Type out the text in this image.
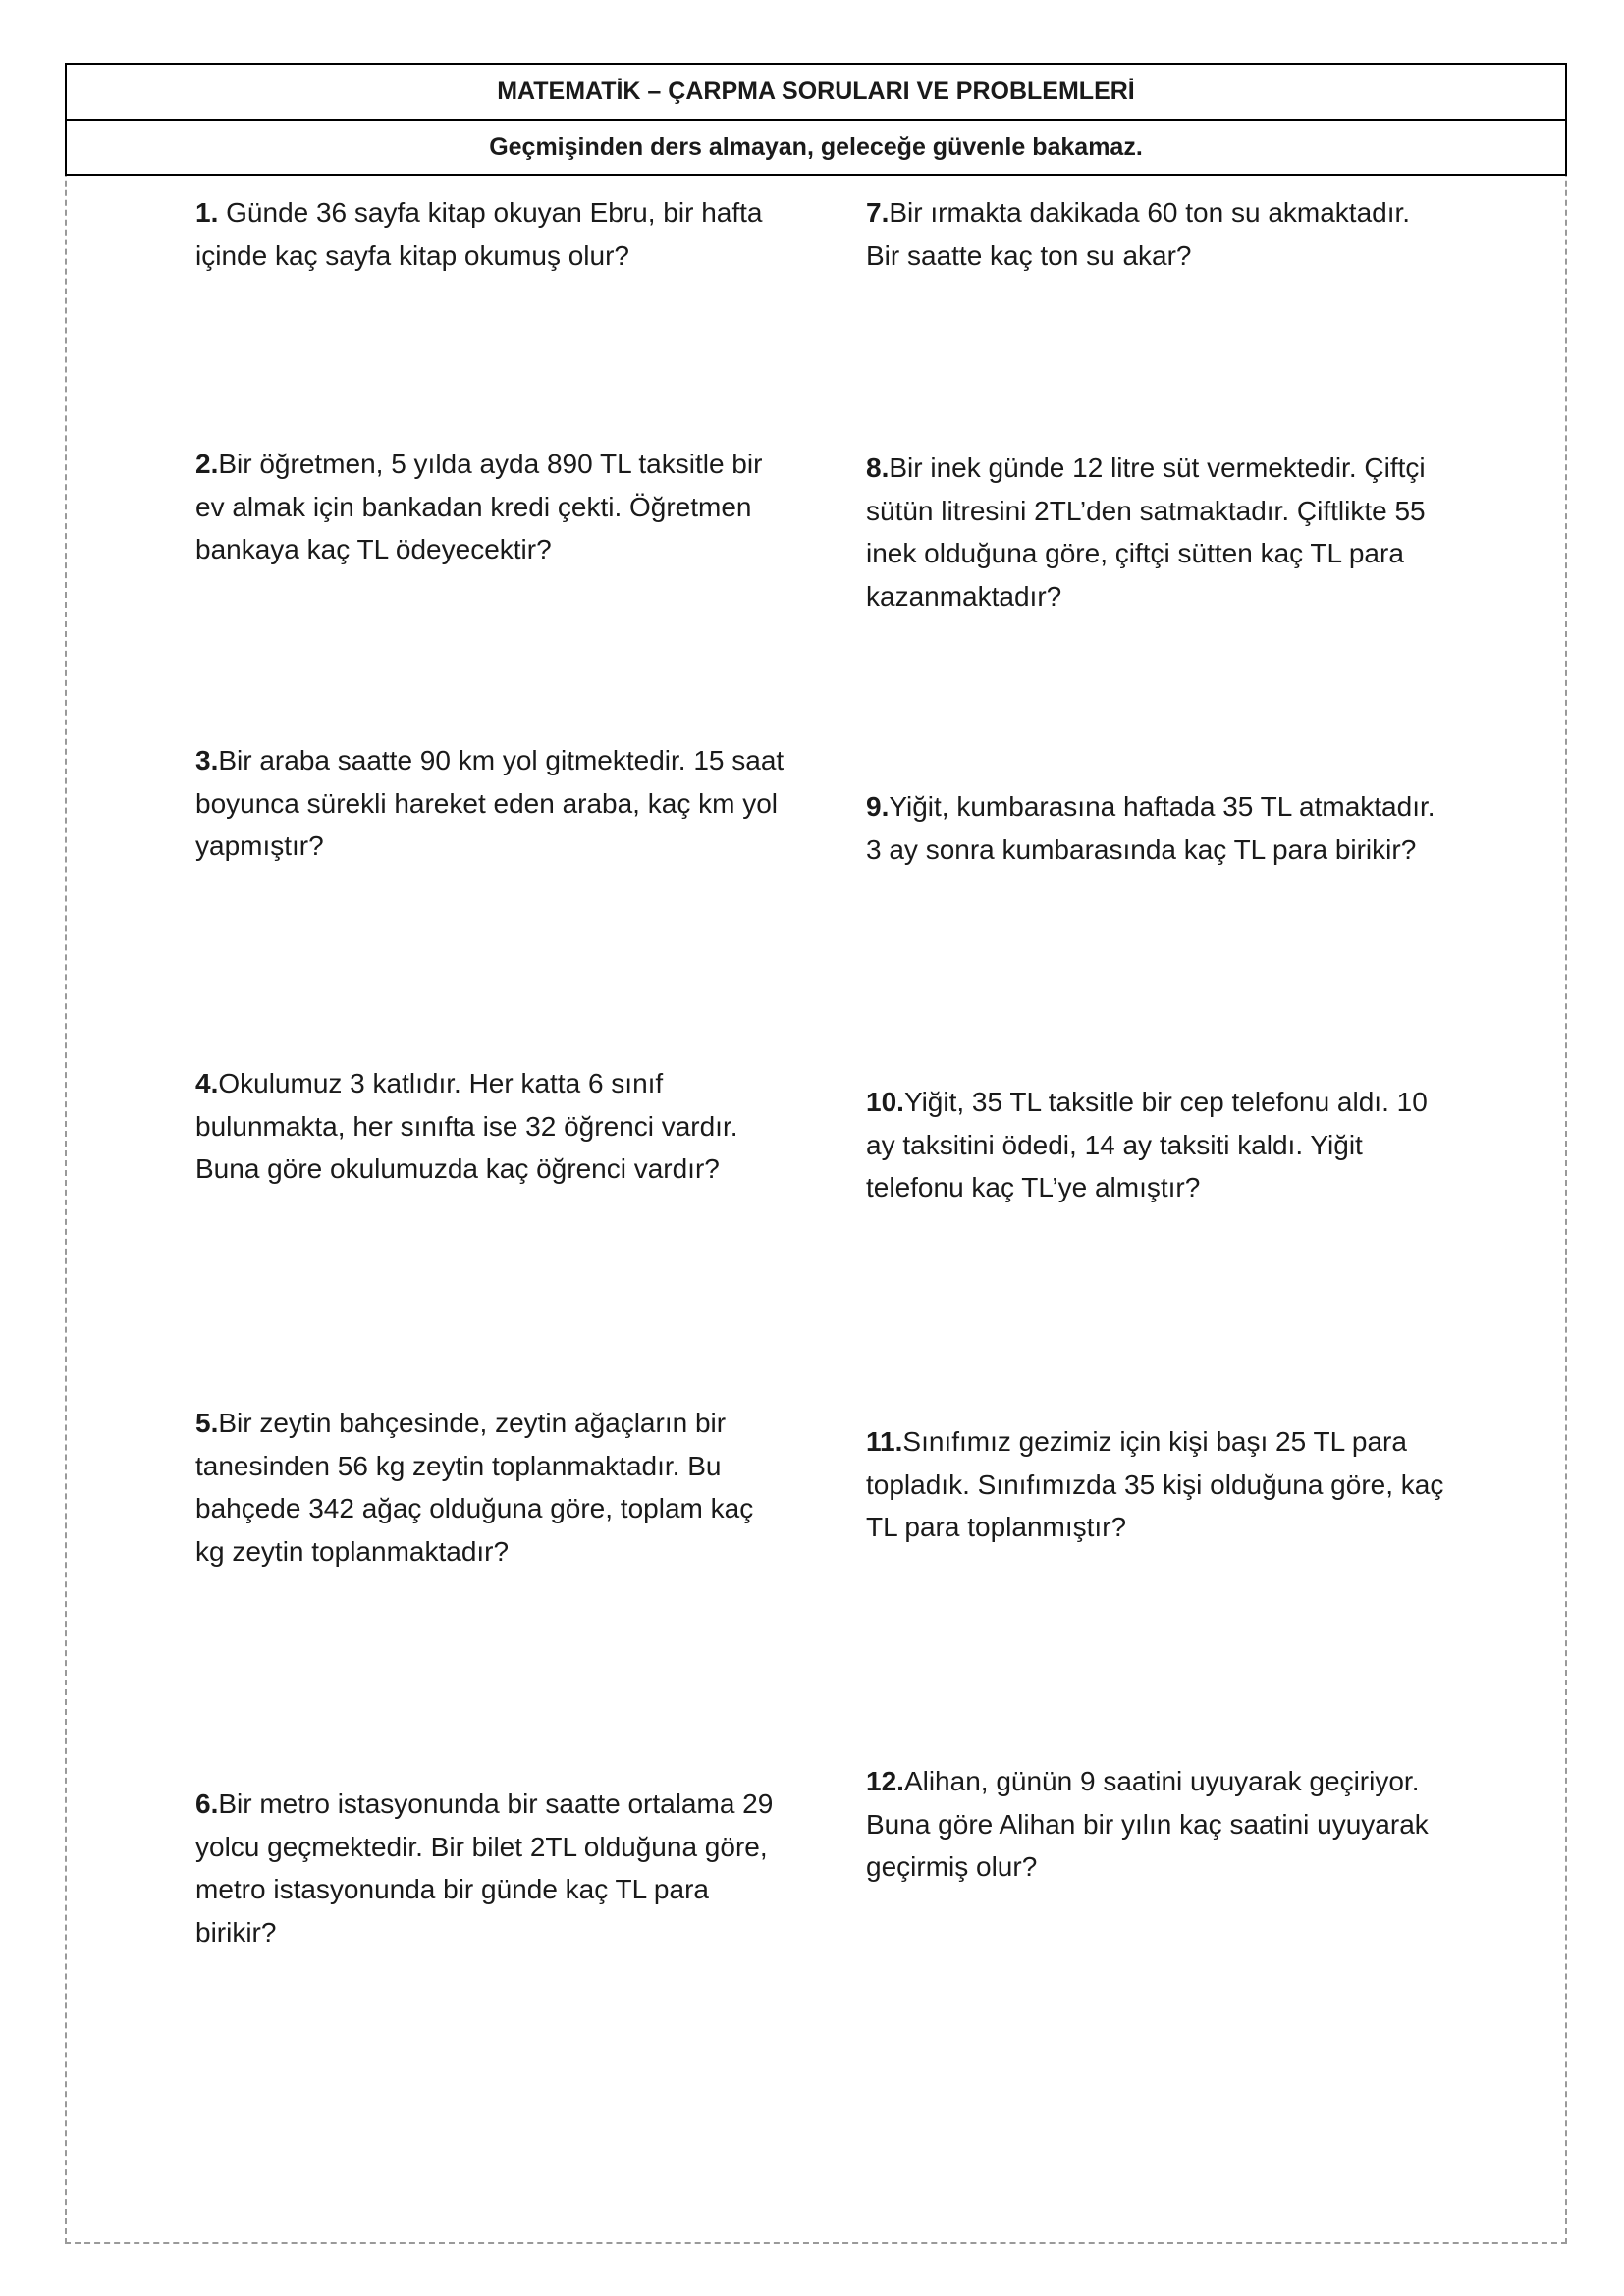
MATEMATİK – ÇARPMA SORULARI VE PROBLEMLERİ
Geçmişinden ders almayan, geleceğe güvenle bakamaz.
1. Günde 36 sayfa kitap okuyan Ebru, bir hafta içinde kaç sayfa kitap okumuş olur?
2.Bir öğretmen, 5 yılda ayda 890 TL taksitle bir ev almak için bankadan kredi çekti. Öğretmen bankaya kaç TL ödeyecektir?
3.Bir araba saatte 90 km yol gitmektedir. 15 saat boyunca sürekli hareket eden araba, kaç km yol yapmıştır?
4.Okulumuz 3 katlıdır. Her katta 6 sınıf bulunmakta, her sınıfta ise 32 öğrenci vardır. Buna göre okulumuzda kaç öğrenci vardır?
5.Bir zeytin bahçesinde, zeytin ağaçların bir tanesinden 56 kg zeytin toplanmaktadır. Bu bahçede 342 ağaç olduğuna göre, toplam kaç kg zeytin toplanmaktadır?
6.Bir metro istasyonunda bir saatte ortalama 29 yolcu geçmektedir. Bir bilet 2TL olduğuna göre, metro istasyonunda bir günde kaç TL para birikir?
7.Bir ırmakta dakikada 60 ton su akmaktadır. Bir saatte kaç ton su akar?
8.Bir inek günde 12 litre süt vermektedir. Çiftçi sütün litresini 2TL’den satmaktadır. Çiftlikte 55 inek olduğuna göre, çiftçi sütten kaç TL para kazanmaktadır?
9.Yiğit, kumbarasına haftada 35 TL atmaktadır. 3 ay sonra kumbarasında kaç TL para birikir?
10.Yiğit, 35 TL taksitle bir cep telefonu aldı. 10 ay taksitini ödedi, 14 ay taksiti kaldı. Yiğit telefonu kaç TL’ye almıştır?
11.Sınıfımız gezimiz için kişi başı 25 TL para topladık. Sınıfımızda 35 kişi olduğuna göre, kaç TL para toplanmıştır?
12.Alihan, günün 9 saatini uyuyarak geçiriyor. Buna göre Alihan bir yılın kaç saatini uyuyarak geçirmiş olur?
